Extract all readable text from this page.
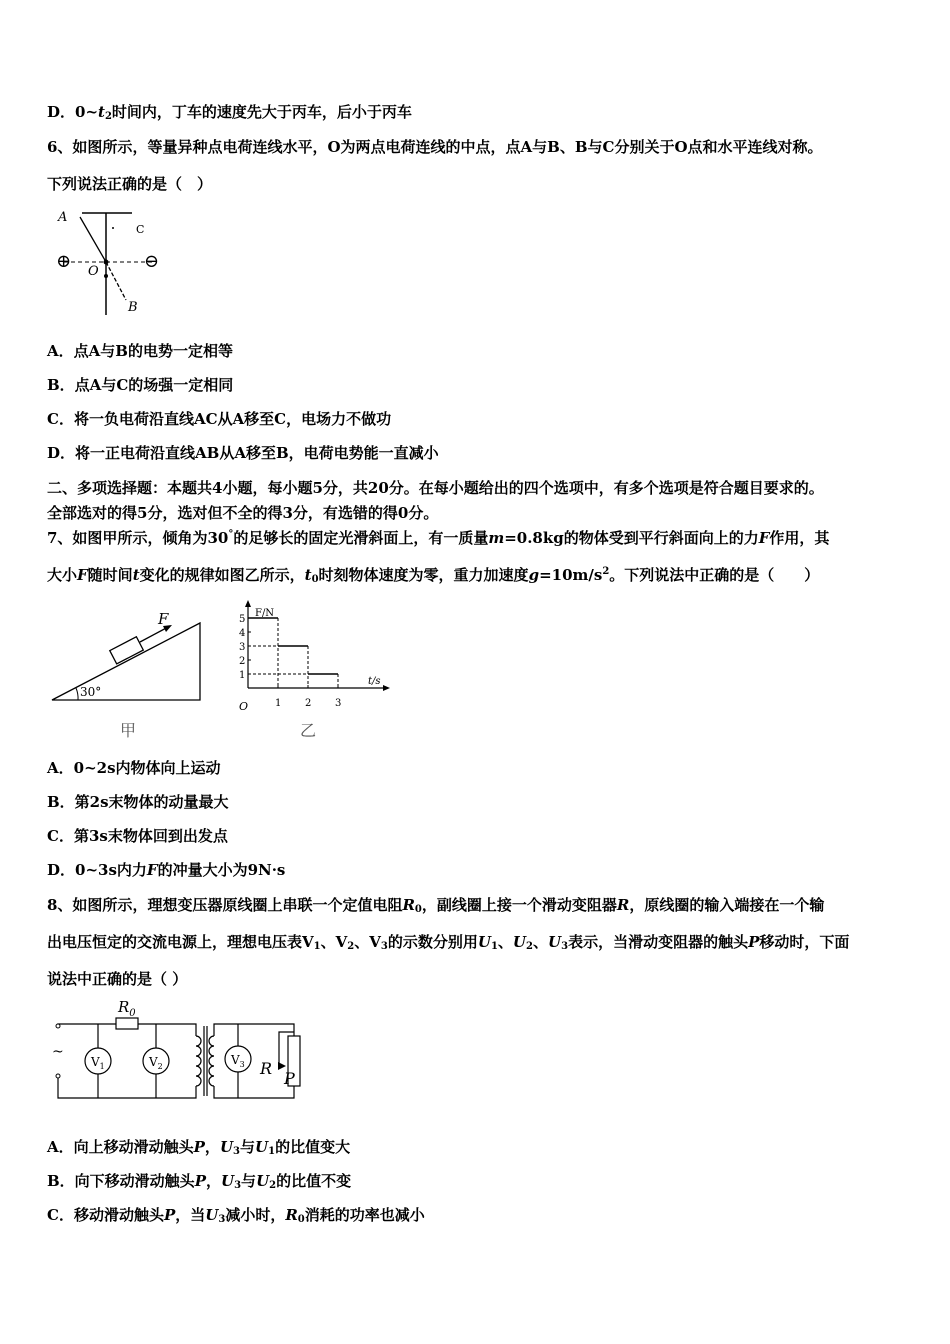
D．$0\sim t_2$时间内，丁车的速度先大于丙车，后小于丙车
6、如图所示，等量异种点电荷连线水平，O为两点电荷连线的中点，点A与B、B与C分别关于O点和水平连线对称。
下列说法正确的是（　）
⊕	⊖
A
C
O
B
A．点A与B的电势一定相等
B．点A与C的场强一定相同
C．将一负电荷沿直线AC从A移至C，电场力不做功
D．将一正电荷沿直线AB从A移至B，电荷电势能一直减小
二、多项选择题：本题共4小题，每小题5分，共20分。在每小题给出的四个选项中，有多个选项是符合题目要求的。
全部选对的得5分，选对但不全的得3分，有选错的得0分。
7、如图甲所示，倾角为30°的足够长的固定光滑斜面上，有一质量m=0.8kg的物体受到平行斜面向上的力F作用，其
大小F随时间t变化的规律如图乙所示，$t_0$时刻物体速度为零，重力加速度$g=10m/s^2$。下列说法中正确的是（　　）
F
30°
甲
F/N
t/s
O
5
4
3
2
1
1 2 3
乙
A．0~2s内物体向上运动
B．第2s末物体的动量最大
C．第3s末物体回到出发点
D．0~3s内力F的冲量大小为9N·s
8、如图所示，理想变压器原线圈上串联一个定值电阻$R_0$，副线圈上接一个滑动变阻器R，原线圈的输入端接在一个输
出电压恒定的交流电源上，理想电压表$V_1$、$V_2$、$V_3$的示数分别用$U_1$、$U_2$、$U_3$表示，当滑动变阻器的触头P移动时，下面
说法中正确的是（ ）
~
$R_0$
$V_1$	$V_2$	$V_3$ R
P
A．向上移动滑动触头P，$U_3$与$U_1$的比值变大
B．向下移动滑动触头P，$U_3$与$U_2$的比值不变
C．移动滑动触头P，当$U_3$减小时，$R_0$消耗的功率也减小
